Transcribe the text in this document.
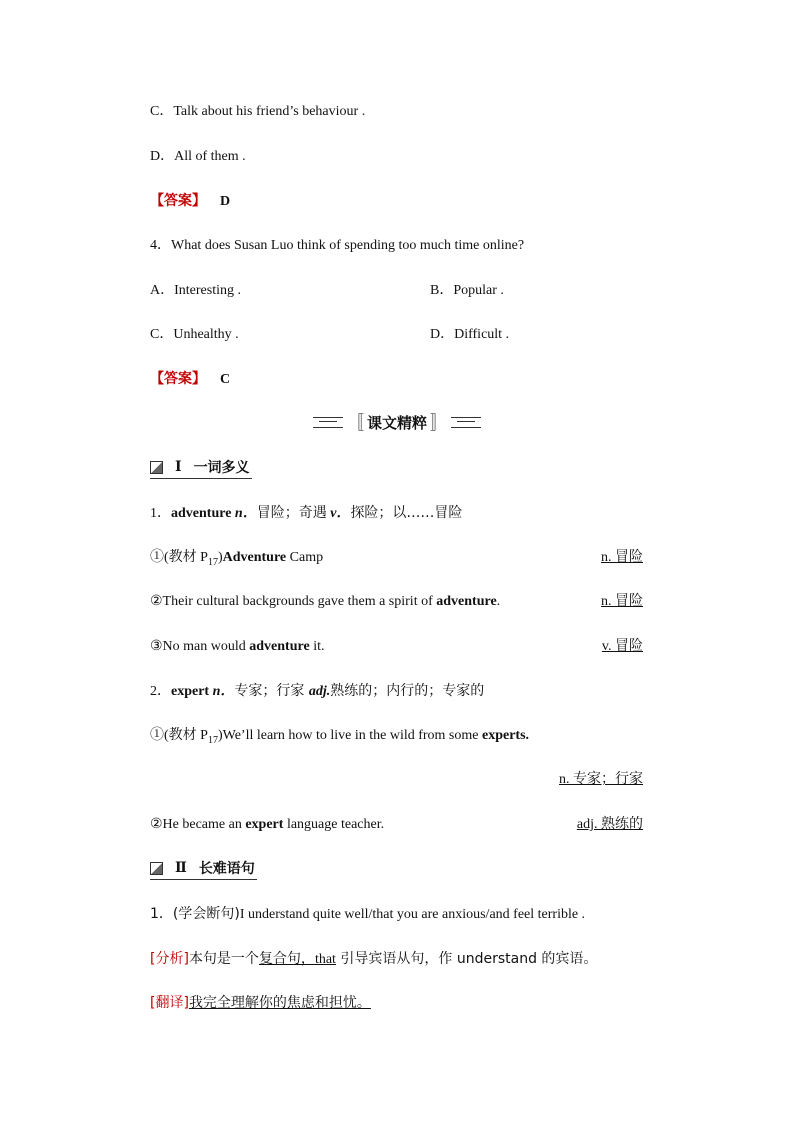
C．Talk about his friend’s behaviour .
D．All of them .
【答案】 D
4．What does Susan Luo think of spending too much time online?
A．Interesting .	B．Popular .
C．Unhealthy .	D．Difficult .
【答案】 C
〚 课文精粹 〛
Ⅰ 一词多义
1．adventure n．冒险；奇遇 v．探险；以……冒险
①(教材 $P_{17})Adventure$ Camp	n. 冒险
②Their cultural backgrounds gave them a spirit of adventure.	n. 冒险
③No man would adventure it.	v. 冒险
2．expert n．专家；行家 adj.熟练的；内行的；专家的
①(教材 $P_{17})We’ll$ learn how to live in the wild from some experts.
n. 专家；行家
②He became an expert language teacher.	adj. 熟练的
Ⅱ 长难语句
1．(学会断句)I understand quite well/that you are anxious/and feel terrible .
[分析]本句是一个复合句，that 引导宾语从句，作 understand 的宾语。
[翻译]我完全理解你的焦虑和担忧。
